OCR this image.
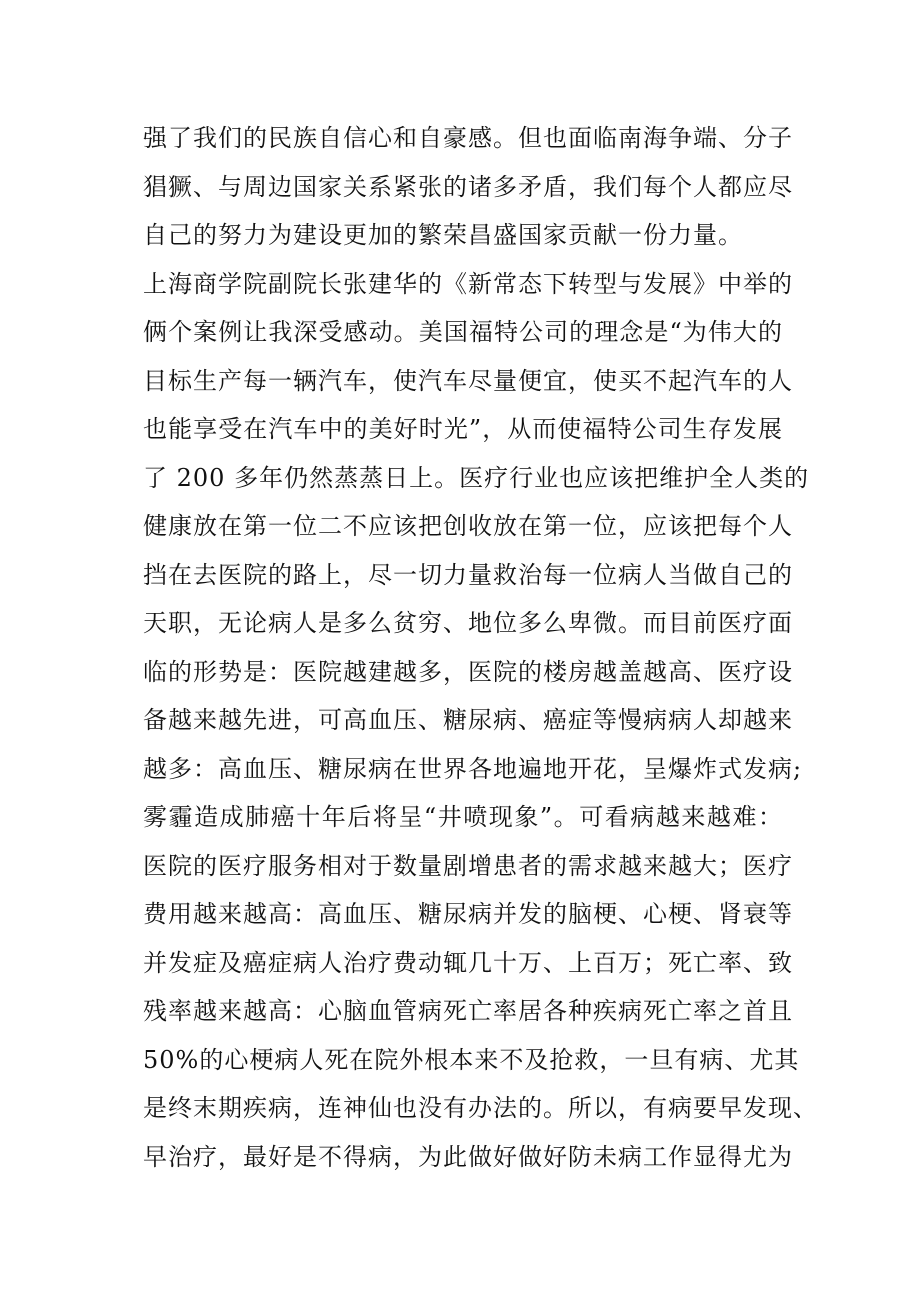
强了我们的民族自信心和自豪感。但也面临南海争端、分子
猖獗、与周边国家关系紧张的诸多矛盾，我们每个人都应尽
自己的努力为建设更加的繁荣昌盛国家贡献一份力量。
上海商学院副院长张建华的《新常态下转型与发展》中举的
俩个案例让我深受感动。美国福特公司的理念是“为伟大的
目标生产每一辆汽车，使汽车尽量便宜，使买不起汽车的人
也能享受在汽车中的美好时光”，从而使福特公司生存发展
了 200 多年仍然蒸蒸日上。医疗行业也应该把维护全人类的
健康放在第一位二不应该把创收放在第一位，应该把每个人
挡在去医院的路上，尽一切力量救治每一位病人当做自己的
天职，无论病人是多么贫穷、地位多么卑微。而目前医疗面
临的形势是：医院越建越多，医院的楼房越盖越高、医疗设
备越来越先进，可高血压、糖尿病、癌症等慢病病人却越来
越多：高血压、糖尿病在世界各地遍地开花，呈爆炸式发病;
雾霾造成肺癌十年后将呈“井喷现象”。可看病越来越难：
医院的医疗服务相对于数量剧增患者的需求越来越大；医疗
费用越来越高：高血压、糖尿病并发的脑梗、心梗、肾衰等
并发症及癌症病人治疗费动辄几十万、上百万；死亡率、致
残率越来越高：心脑血管病死亡率居各种疾病死亡率之首且
50%的心梗病人死在院外根本来不及抢救，一旦有病、尤其
是终末期疾病，连神仙也没有办法的。所以，有病要早发现、
早治疗，最好是不得病，为此做好做好防未病工作显得尤为
